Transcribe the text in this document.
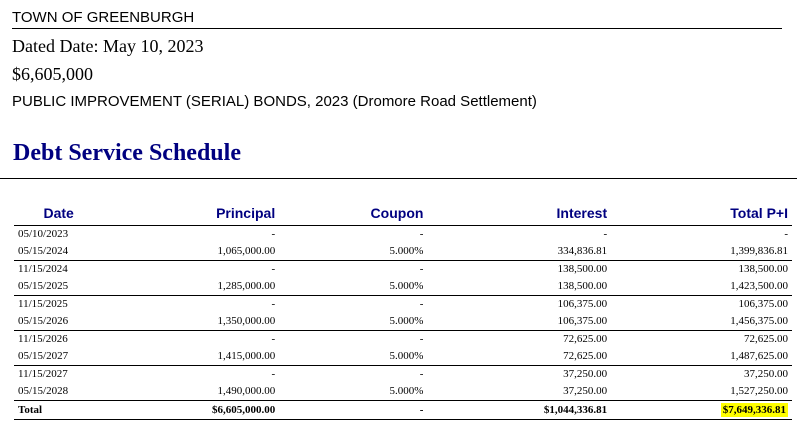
TOWN OF GREENBURGH
Dated Date: May 10, 2023
$6,605,000
PUBLIC IMPROVEMENT (SERIAL) BONDS, 2023 (Dromore Road Settlement)
Debt Service Schedule
Date	Principal	Coupon	Interest	Total P+I
05/10/2023	-	-	-	-
05/15/2024	1,065,000.00	5.000%	334,836.81	1,399,836.81
11/15/2024	-	-	138,500.00	138,500.00
05/15/2025	1,285,000.00	5.000%	138,500.00	1,423,500.00
11/15/2025	-	-	106,375.00	106,375.00
05/15/2026	1,350,000.00	5.000%	106,375.00	1,456,375.00
11/15/2026	-	-	72,625.00	72,625.00
05/15/2027	1,415,000.00	5.000%	72,625.00	1,487,625.00
11/15/2027	-	-	37,250.00	37,250.00
05/15/2028	1,490,000.00	5.000%	37,250.00	1,527,250.00
Total	$6,605,000.00	-	$1,044,336.81	$7,649,336.81
